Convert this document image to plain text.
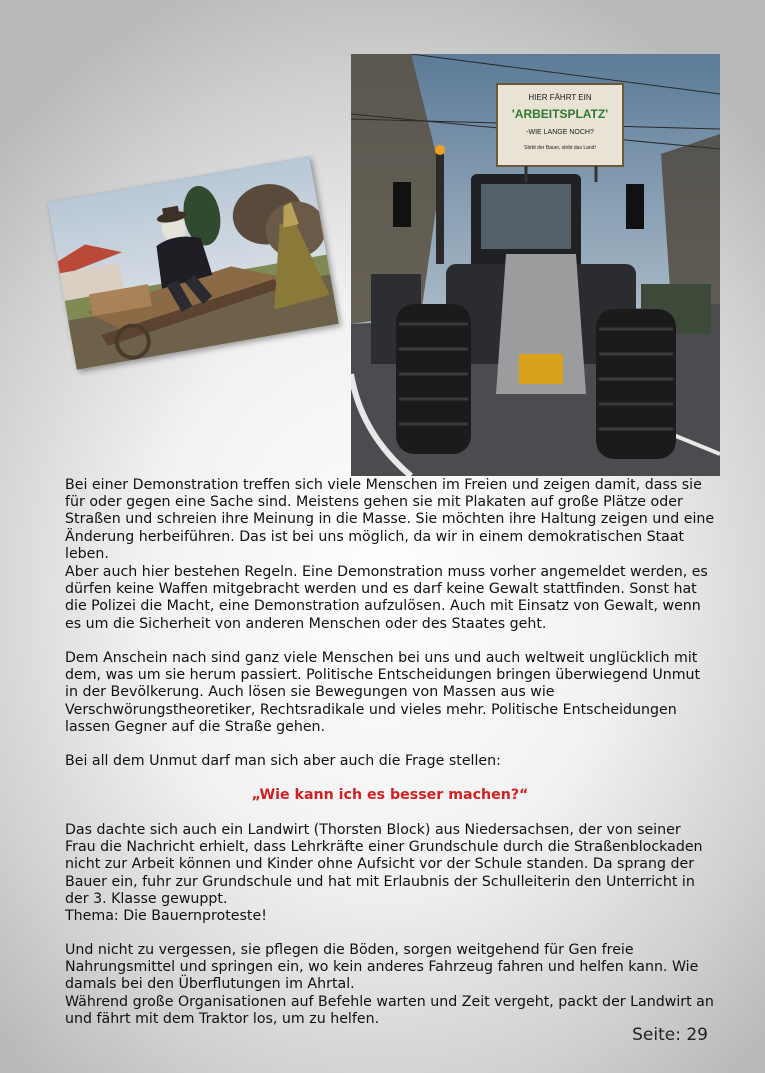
HIER FÄHRT EIN
'ARBEITSPLATZ'
-WIE LANGE NOCH?
Stirbt der Bauer, stirbt das Land!

Bei einer Demonstration treffen sich viele Menschen im Freien und zeigen damit, dass sie für oder gegen eine Sache sind. Meistens gehen sie mit Plakaten auf große Plätze oder Straßen und schreien ihre Meinung in die Masse. Sie möchten ihre Haltung zeigen und eine Änderung herbeiführen. Das ist bei uns möglich, da wir in einem demokratischen Staat leben.

Aber auch hier bestehen Regeln. Eine Demonstration muss vorher angemeldet werden, es dürfen keine Waffen mitgebracht werden und es darf keine Gewalt stattfinden. Sonst hat die Polizei die Macht, eine Demonstration aufzulösen. Auch mit Einsatz von Gewalt, wenn es um die Sicherheit von anderen Menschen oder des Staates geht.

Dem Anschein nach sind ganz viele Menschen bei uns und auch weltweit unglücklich mit dem, was um sie herum passiert. Politische Entscheidungen bringen überwiegend Unmut in der Bevölkerung. Auch lösen sie Bewegungen von Massen aus wie Verschwörungstheoretiker, Rechtsradikale und vieles mehr. Politische Entscheidungen lassen Gegner auf die Straße gehen.

Bei all dem Unmut darf man sich aber auch die Frage stellen:

„Wie kann ich es besser machen?“

Das dachte sich auch ein Landwirt (Thorsten Block) aus Niedersachsen, der von seiner Frau die Nachricht erhielt, dass Lehrkräfte einer Grundschule durch die Straßenblockaden nicht zur Arbeit können und Kinder ohne Aufsicht vor der Schule standen. Da sprang der Bauer ein, fuhr zur Grundschule und hat mit Erlaubnis der Schulleiterin den Unterricht in der 3. Klasse gewuppt.
Thema: Die Bauernproteste!
Und nicht zu vergessen, sie pflegen die Böden, sorgen weitgehend für Gen freie Nahrungsmittel und springen ein, wo kein anderes Fahrzeug fahren und helfen kann. Wie damals bei den Überflutungen im Ahrtal.
Während große Organisationen auf Befehle warten und Zeit vergeht, packt der Landwirt an und fährt mit dem Traktor los, um zu helfen.
Seite: 29
